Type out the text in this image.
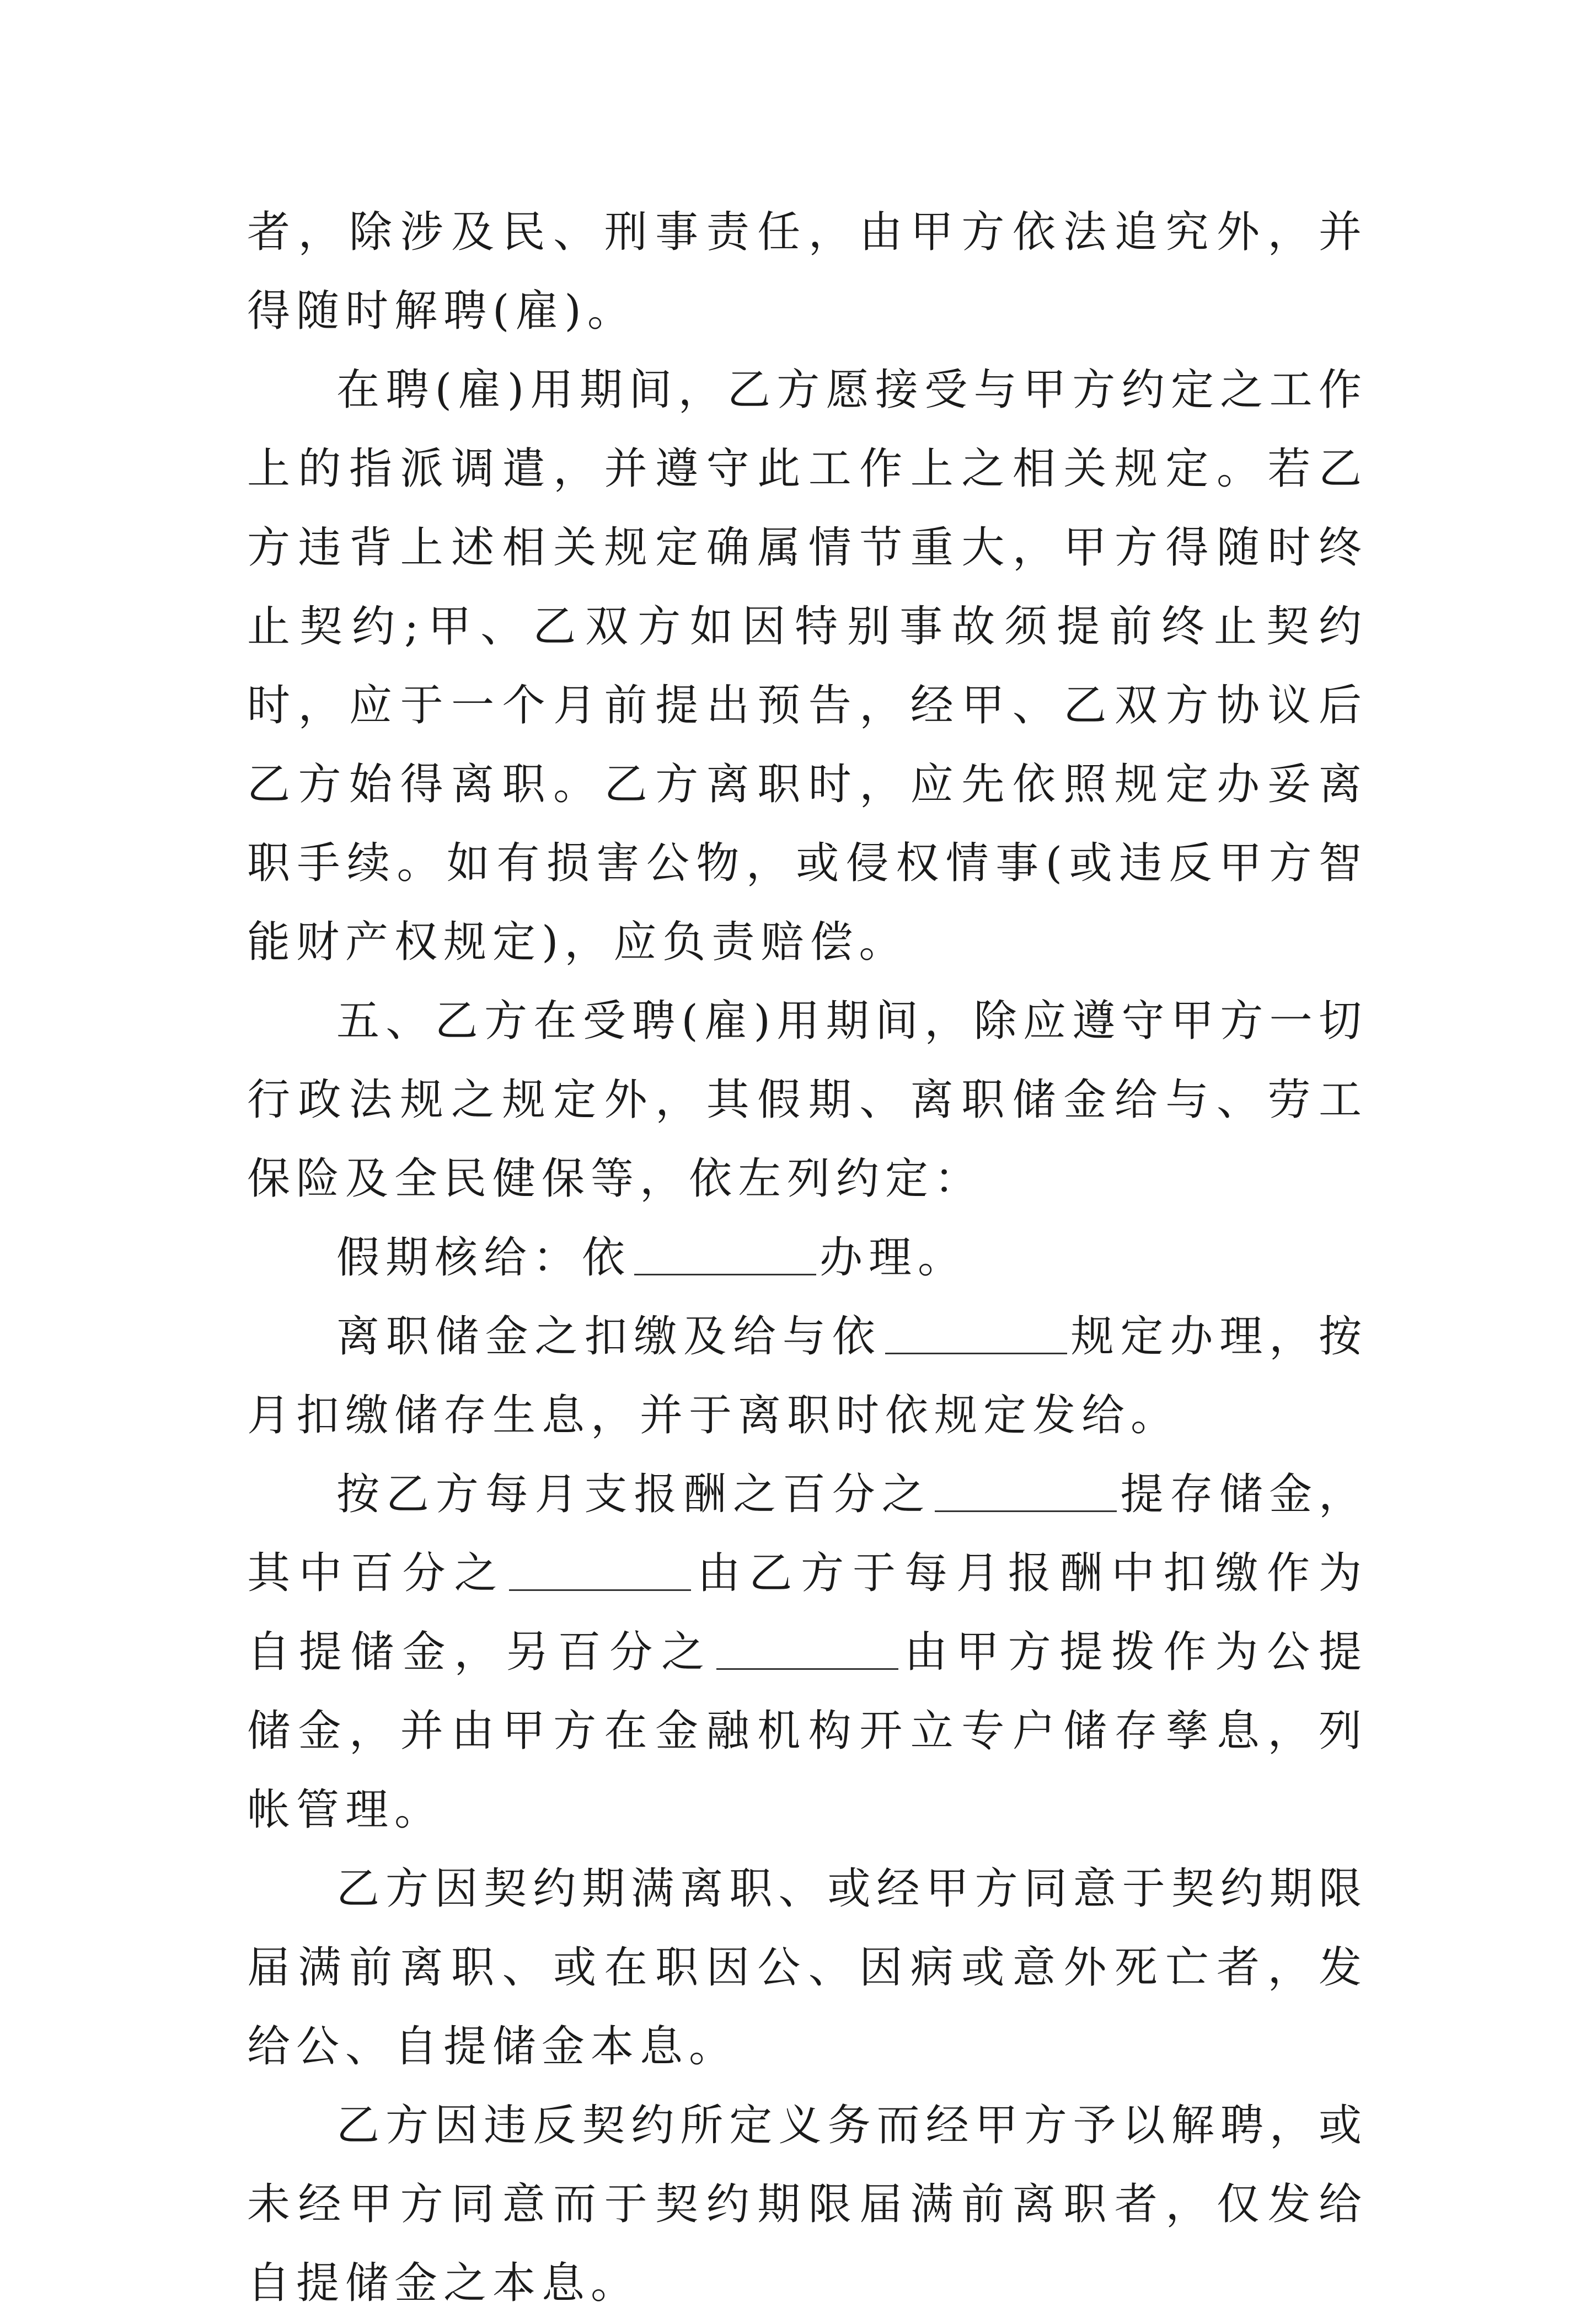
者，除涉及民、刑事责任，由甲方依法追究外，并得随时解聘(雇)。

在聘(雇)用期间，乙方愿接受与甲方约定之工作上的指派调遣，并遵守此工作上之相关规定。若乙方违背上述相关规定确属情节重大，甲方得随时终止契约;甲、乙双方如因特别事故须提前终止契约时，应于一个月前提出预告，经甲、乙双方协议后乙方始得离职。乙方离职时，应先依照规定办妥离职手续。如有损害公物，或侵权情事(或违反甲方智能财产权规定)，应负责赔偿。

五、乙方在受聘(雇)用期间，除应遵守甲方一切行政法规之规定外，其假期、离职储金给与、劳工保险及全民健保等，依左列约定：

假期核给：依	办理。

离职储金之扣缴及给与依	规定办理，按月扣缴储存生息，并于离职时依规定发给。

按乙方每月支报酬之百分之	提存储金，其中百分之	由乙方于每月报酬中扣缴作为自提储金，另百分之	由甲方提拨作为公提储金，并由甲方在金融机构开立专户储存孳息，列帐管理。

乙方因契约期满离职、或经甲方同意于契约期限届满前离职、或在职因公、因病或意外死亡者，发给公、自提储金本息。

乙方因违反契约所定义务而经甲方予以解聘，或未经甲方同意而于契约期限届满前离职者，仅发给自提储金之本息。
